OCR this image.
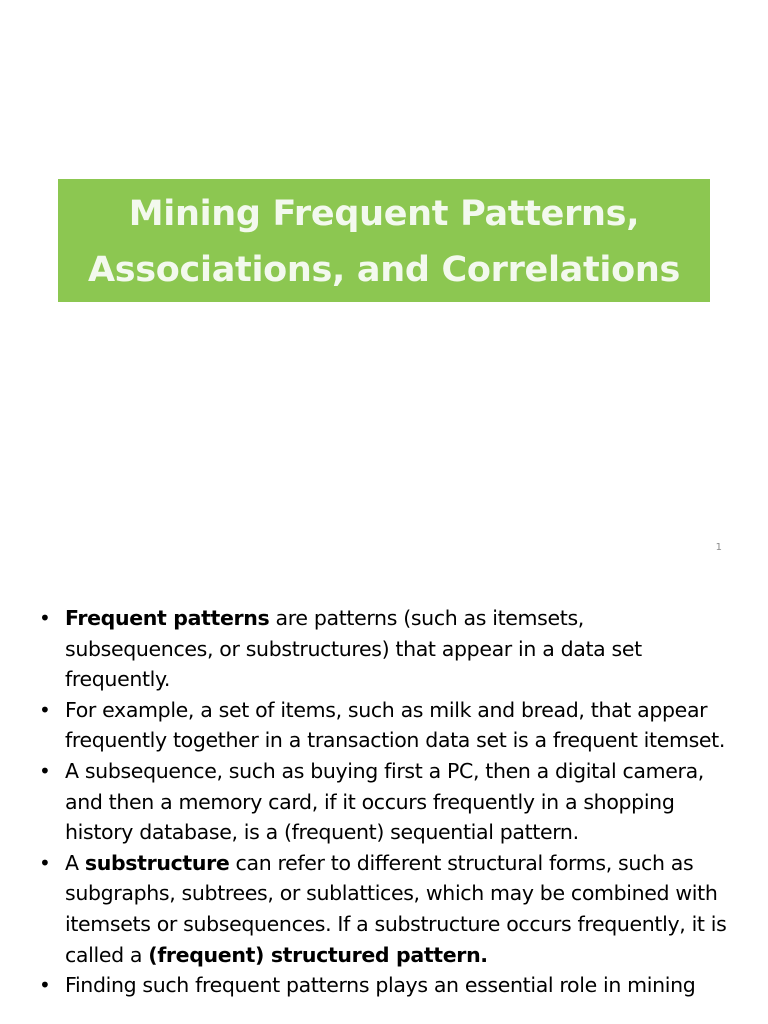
Mining Frequent Patterns,
Associations, and Correlations
1
• Frequent patterns are patterns (such as itemsets, subsequences, or substructures) that appear in a data set frequently.
• For example, a set of items, such as milk and bread, that appear frequently together in a transaction data set is a frequent itemset.
• A subsequence, such as buying first a PC, then a digital camera, and then a memory card, if it occurs frequently in a shopping history database, is a (frequent) sequential pattern.
• A substructure can refer to different structural forms, such as subgraphs, subtrees, or sublattices, which may be combined with itemsets or subsequences. If a substructure occurs frequently, it is called a (frequent) structured pattern.
• Finding such frequent patterns plays an essential role in mining
